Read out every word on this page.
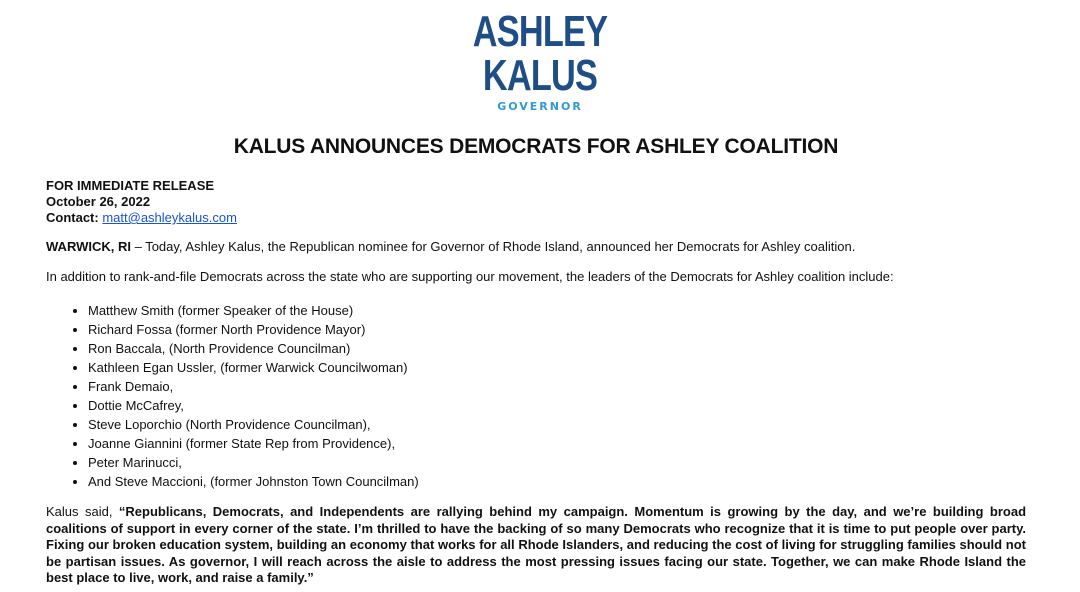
ASHLEY
KALUS
GOVERNOR
KALUS ANNOUNCES DEMOCRATS FOR ASHLEY COALITION
FOR IMMEDIATE RELEASE
October 26, 2022
Contact: matt@ashleykalus.com
WARWICK, RI – Today, Ashley Kalus, the Republican nominee for Governor of Rhode Island, announced her Democrats for Ashley coalition.
In addition to rank-and-file Democrats across the state who are supporting our movement, the leaders of the Democrats for Ashley coalition include:
• Matthew Smith (former Speaker of the House)
• Richard Fossa (former North Providence Mayor)
• Ron Baccala, (North Providence Councilman)
• Kathleen Egan Ussler, (former Warwick Councilwoman)
• Frank Demaio,
• Dottie McCafrey,
• Steve Loporchio (North Providence Councilman),
• Joanne Giannini (former State Rep from Providence),
• Peter Marinucci,
• And Steve Maccioni, (former Johnston Town Councilman)
Kalus said, “Republicans, Democrats, and Independents are rallying behind my campaign. Momentum is growing by the day, and we’re building broad coalitions of support in every corner of the state. I’m thrilled to have the backing of so many Democrats who recognize that it is time to put people over party. Fixing our broken education system, building an economy that works for all Rhode Islanders, and reducing the cost of living for struggling families should not be partisan issues. As governor, I will reach across the aisle to address the most pressing issues facing our state. Together, we can make Rhode Island the best place to live, work, and raise a family.”
